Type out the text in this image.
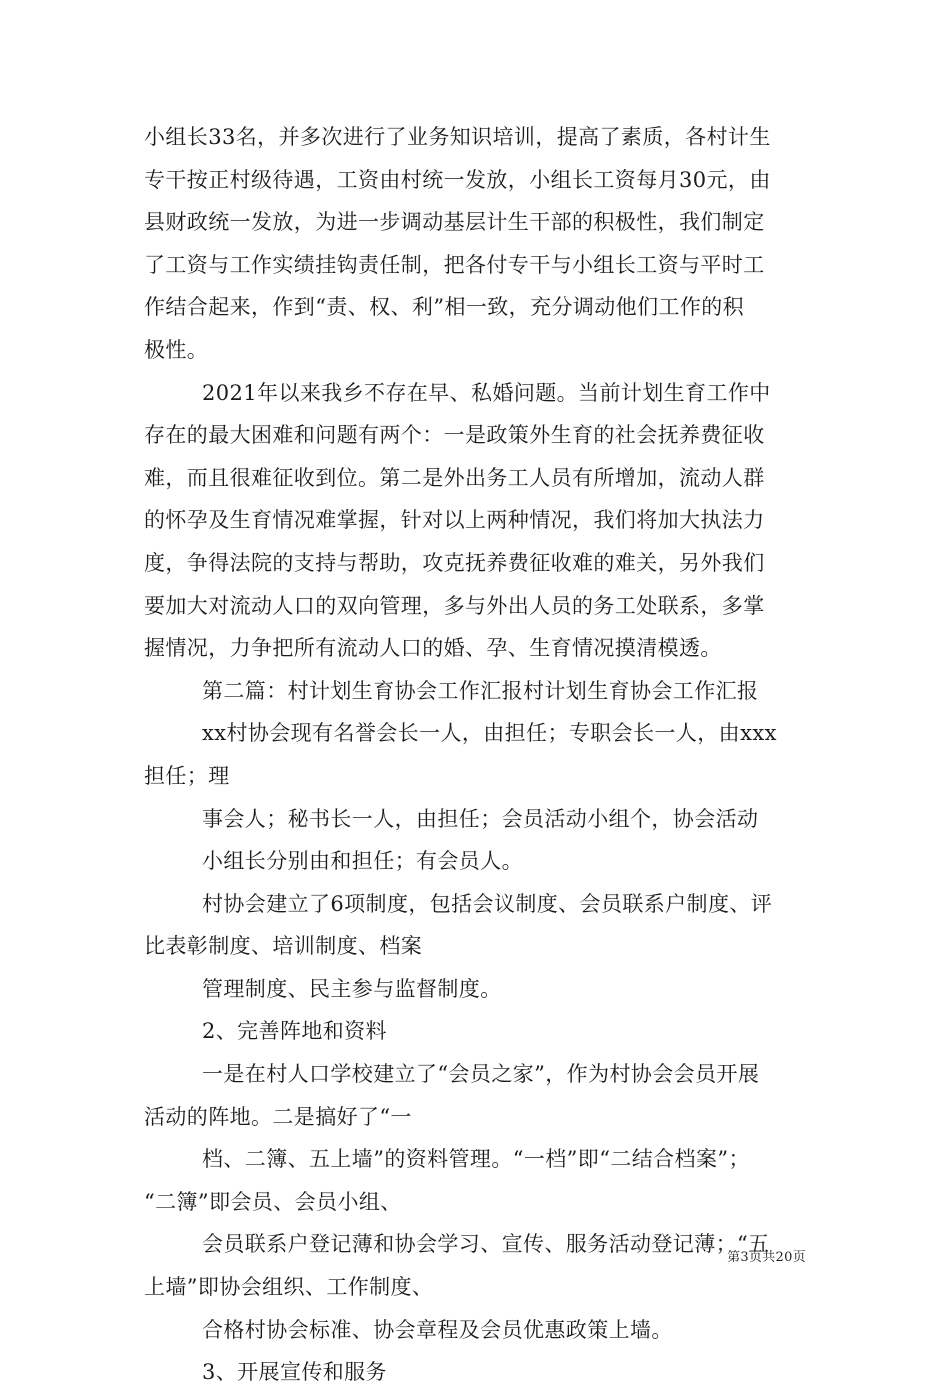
小组长33名，并多次进行了业务知识培训，提高了素质，各村计生
专干按正村级待遇，工资由村统一发放，小组长工资每月30元，由
县财政统一发放，为进一步调动基层计生干部的积极性，我们制定
了工资与工作实绩挂钩责任制，把各付专干与小组长工资与平时工
作结合起来，作到“责、权、利”相一致，充分调动他们工作的积
极性。
2021年以来我乡不存在早、私婚问题。当前计划生育工作中
存在的最大困难和问题有两个：一是政策外生育的社会抚养费征收
难，而且很难征收到位。第二是外出务工人员有所增加，流动人群
的怀孕及生育情况难掌握，针对以上两种情况，我们将加大执法力
度，争得法院的支持与帮助，攻克抚养费征收难的难关，另外我们
要加大对流动人口的双向管理，多与外出人员的务工处联系，多掌
握情况，力争把所有流动人口的婚、孕、生育情况摸清模透。
第二篇：村计划生育协会工作汇报村计划生育协会工作汇报
xx村协会现有名誉会长一人，由担任；专职会长一人，由xxx
担任；理
事会人；秘书长一人，由担任；会员活动小组个，协会活动
小组长分别由和担任；有会员人。
村协会建立了6项制度，包括会议制度、会员联系户制度、评
比表彰制度、培训制度、档案
管理制度、民主参与监督制度。
2、完善阵地和资料
一是在村人口学校建立了“会员之家”，作为村协会会员开展
活动的阵地。二是搞好了“一
档、二簿、五上墙”的资料管理。“一档”即“二结合档案”；
“二簿”即会员、会员小组、
会员联系户登记薄和协会学习、宣传、服务活动登记薄；“五
上墙”即协会组织、工作制度、
合格村协会标准、协会章程及会员优惠政策上墙。
3、开展宣传和服务
第3页共20页
